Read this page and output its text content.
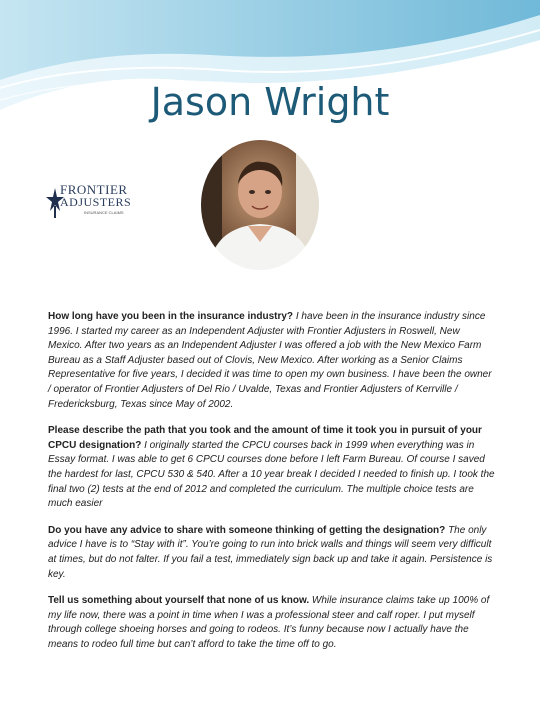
Jason Wright
FRONTIER
ADJUSTERS
INSURANCE CLAIMS

How long have you been in the insurance industry? I have been in the insurance industry since 1996. I started my career as an Independent Adjuster with Frontier Adjusters in Roswell, New Mexico. After two years as an Independent Adjuster I was offered a job with the New Mexico Farm Bureau as a Staff Adjuster based out of Clovis, New Mexico. After working as a Senior Claims Representative for five years, I decided it was time to open my own business. I have been the owner / operator of Frontier Adjusters of Del Rio / Uvalde, Texas and Frontier Adjusters of Kerrville / Fredericksburg, Texas since May of 2002.

Please describe the path that you took and the amount of time it took you in pursuit of your CPCU designation? I originally started the CPCU courses back in 1999 when everything was in Essay format. I was able to get 6 CPCU courses done before I left Farm Bureau. Of course I saved the hardest for last, CPCU 530 & 540. After a 10 year break I decided I needed to finish up. I took the final two (2) tests at the end of 2012 and completed the curriculum. The multiple choice tests are much easier

Do you have any advice to share with someone thinking of getting the designation? The only advice I have is to “Stay with it”. You’re going to run into brick walls and things will seem very difficult at times, but do not falter. If you fail a test, immediately sign back up and take it again. Persistence is key.

Tell us something about yourself that none of us know. While insurance claims take up 100% of my life now, there was a point in time when I was a professional steer and calf roper. I put myself through college shoeing horses and going to rodeos. It’s funny because now I actually have the means to rodeo full time but can’t afford to take the time off to go.
